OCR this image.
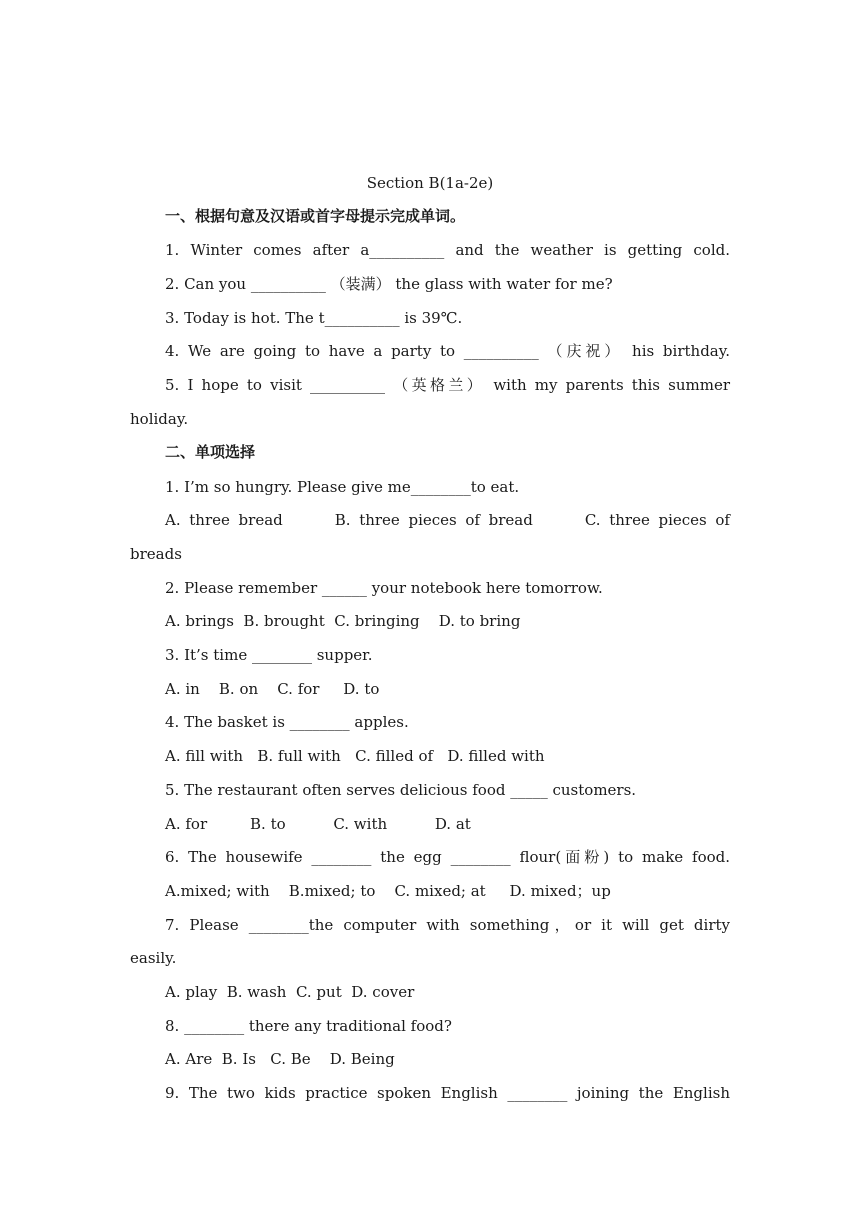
Section B(1a-2e)
一、根据句意及汉语或首字母提示完成单词。
1. Winter comes after a__________ and the weather is getting cold.
2. Can you __________ （装满） the glass with water for me?
3. Today is hot. The t__________ is 39℃.
4. We are going to have a party to __________ （庆祝） his birthday.
5. I hope to visit __________ （英格兰） with my parents this summer
holiday.
二、单项选择
1. I’m so hungry. Please give me________to eat.
A. three bread      B. three pieces of bread      C. three pieces of
breads
2. Please remember ______ your notebook here tomorrow.
A. brings  B. brought  C. bringing    D. to bring
3. It’s time ________ supper.
A. in    B. on    C. for     D. to
4. The basket is ________ apples.
A. fill with   B. full with   C. filled of   D. filled with
5. The restaurant often serves delicious food _____ customers.
A. for         B. to          C. with          D. at
6. The housewife ________ the egg ________ flour(面粉) to make food.
A.mixed; with    B.mixed; to    C. mixed; at     D. mixed；up
7. Please ________the computer with something，or it will get dirty
easily.
A. play  B. wash  C. put  D. cover
8. ________ there any traditional food?
A. Are  B. Is   C. Be    D. Being
9. The two kids practice spoken English ________ joining the English
